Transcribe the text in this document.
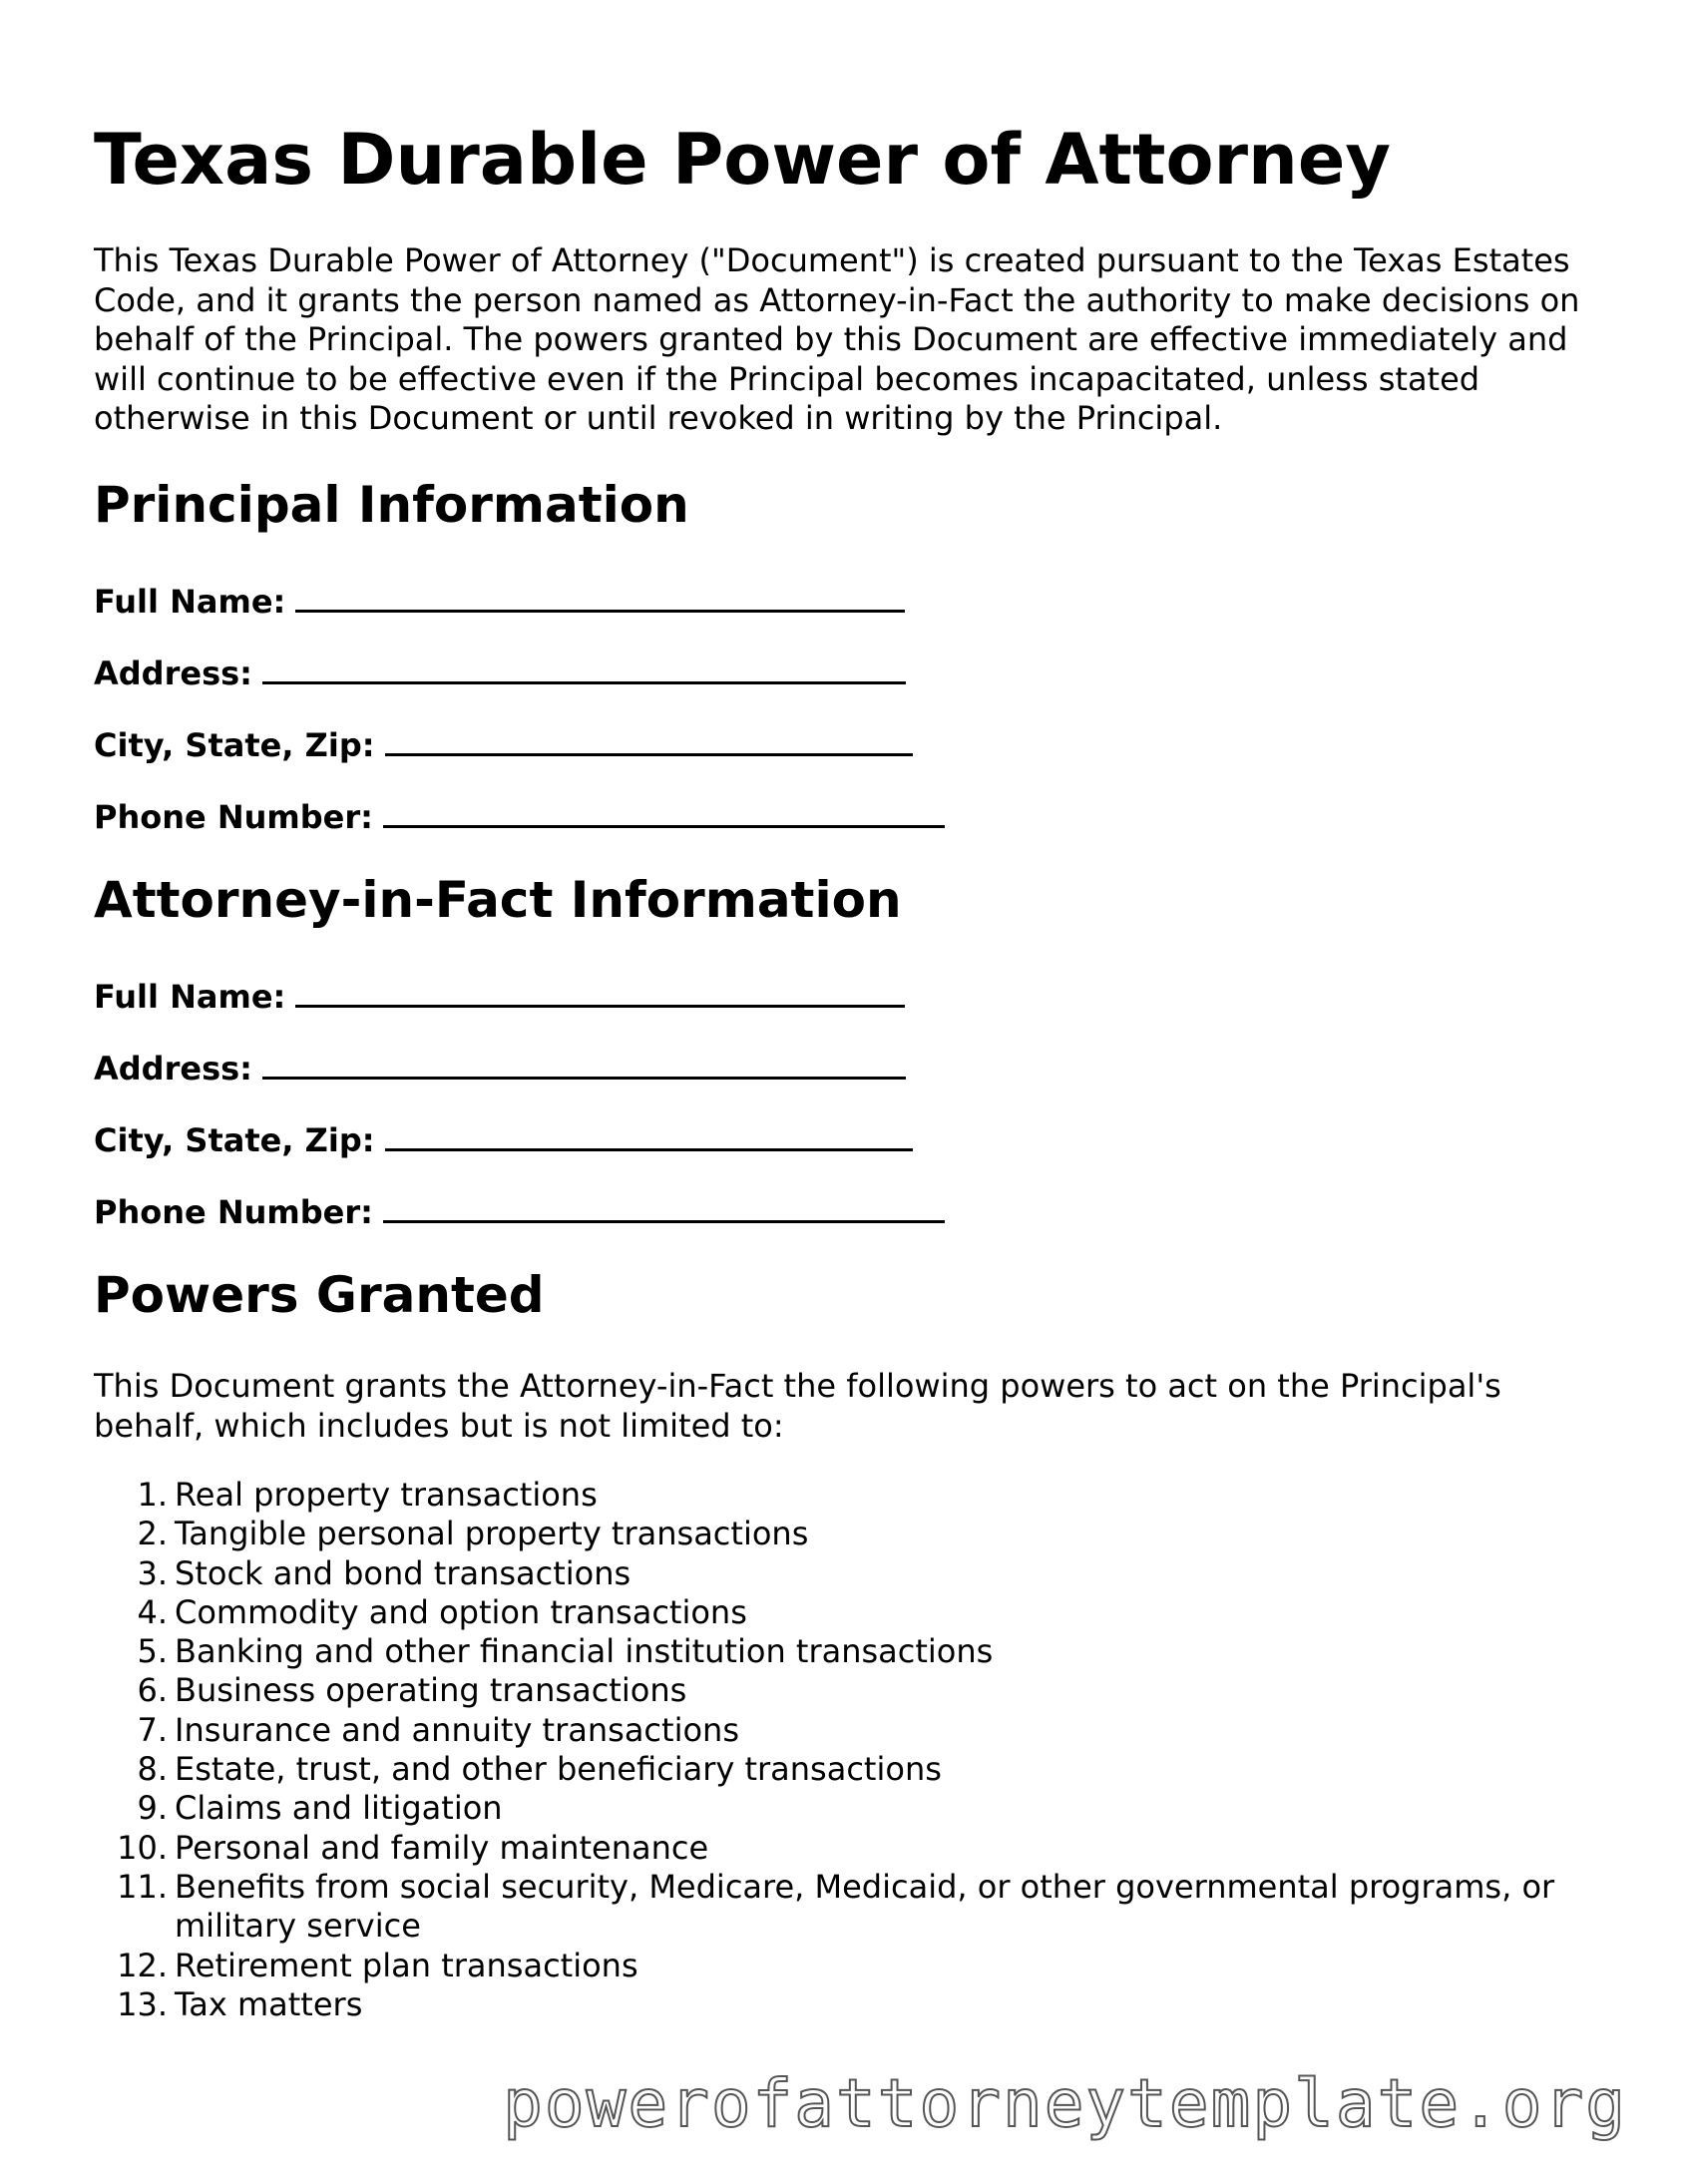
Texas Durable Power of Attorney

This Texas Durable Power of Attorney ("Document") is created pursuant to the Texas Estates Code, and it grants the person named as Attorney-in-Fact the authority to make decisions on behalf of the Principal. The powers granted by this Document are effective immediately and will continue to be effective even if the Principal becomes incapacitated, unless stated otherwise in this Document or until revoked in writing by the Principal.

Principal Information
Full Name:
Address:
City, State, Zip:
Phone Number:
Attorney-in-Fact Information
Full Name:
Address:
City, State, Zip:
Phone Number:
Powers Granted

This Document grants the Attorney-in-Fact the following powers to act on the Principal's behalf, which includes but is not limited to:

1. Real property transactions
2. Tangible personal property transactions
3. Stock and bond transactions
4. Commodity and option transactions
5. Banking and other financial institution transactions
6. Business operating transactions
7. Insurance and annuity transactions
8. Estate, trust, and other beneficiary transactions
9. Claims and litigation
10. Personal and family maintenance
11. Benefits from social security, Medicare, Medicaid, or other governmental programs, or military service
12. Retirement plan transactions
13. Tax matters
powerofattorneytemplate.org
